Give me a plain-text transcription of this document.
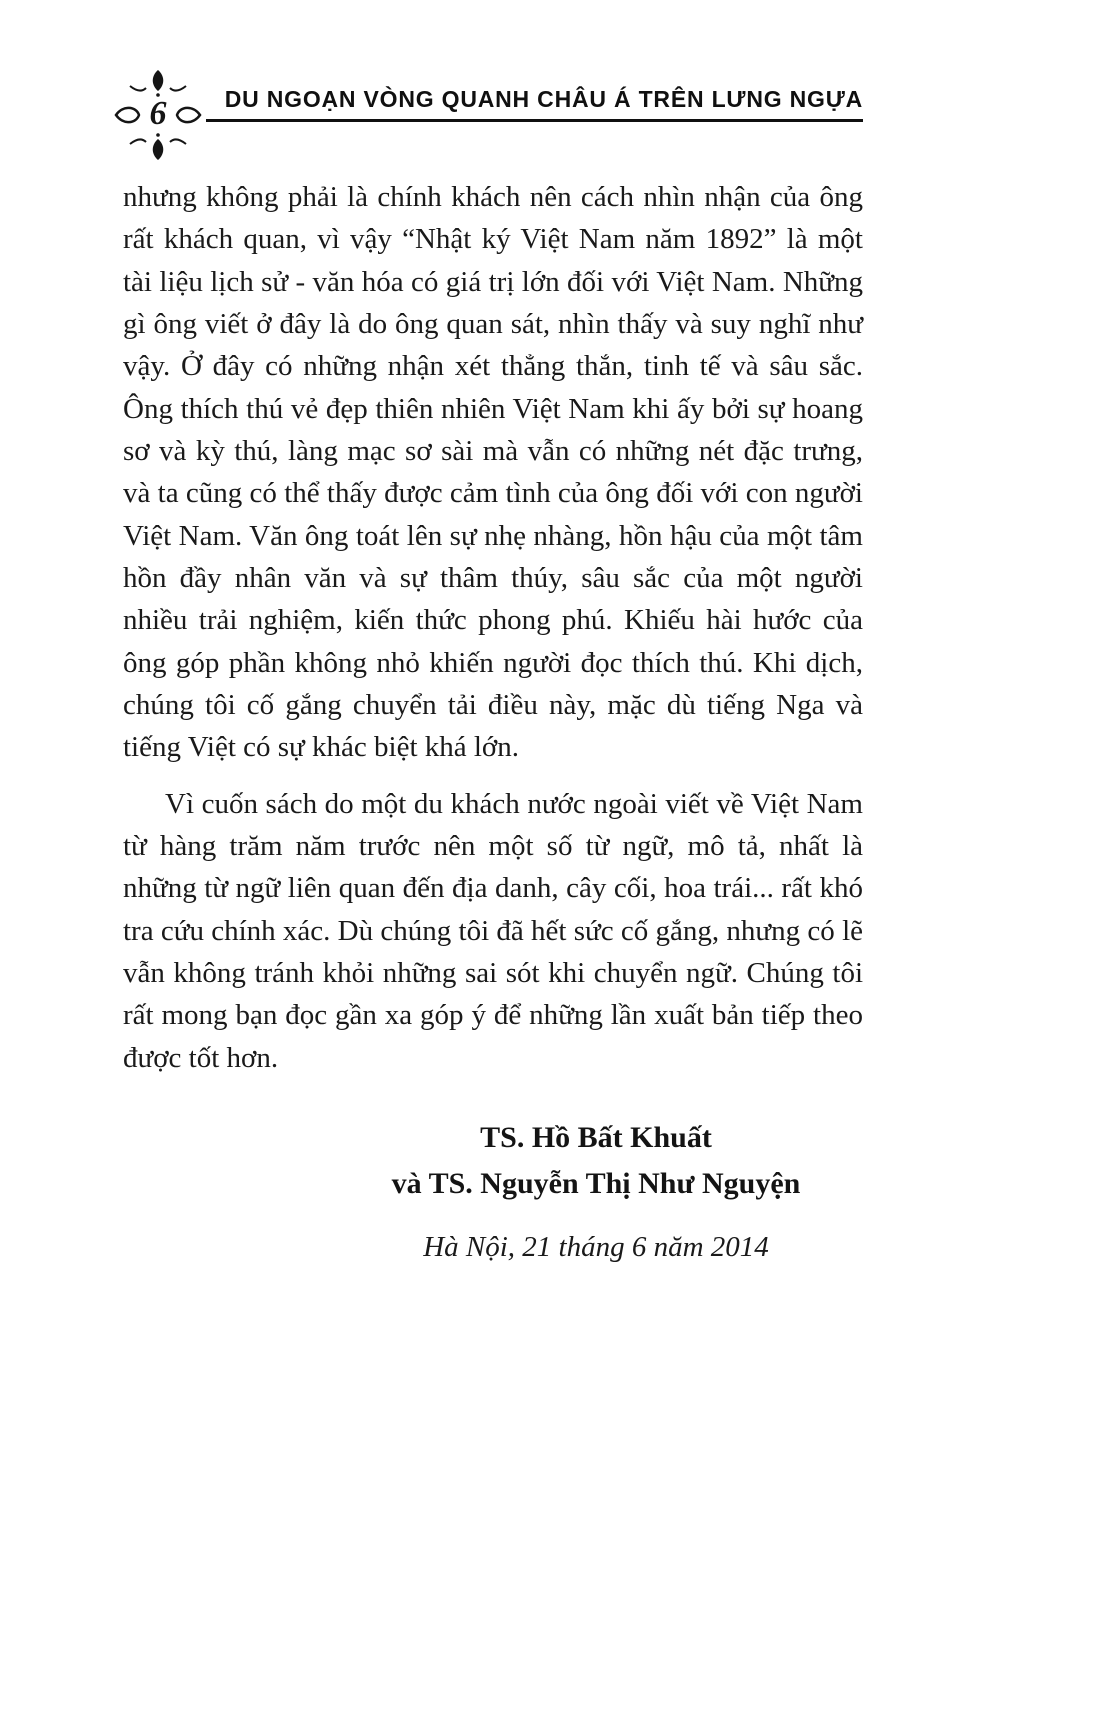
6	DU NGOẠN VÒNG QUANH CHÂU Á TRÊN LƯNG NGỰA

nhưng không phải là chính khách nên cách nhìn nhận của ông rất khách quan, vì vậy “Nhật ký Việt Nam năm 1892” là một tài liệu lịch sử - văn hóa có giá trị lớn đối với Việt Nam. Những gì ông viết ở đây là do ông quan sát, nhìn thấy và suy nghĩ như vậy. Ở đây có những nhận xét thẳng thắn, tinh tế và sâu sắc. Ông thích thú vẻ đẹp thiên nhiên Việt Nam khi ấy bởi sự hoang sơ và kỳ thú, làng mạc sơ sài mà vẫn có những nét đặc trưng, và ta cũng có thể thấy được cảm tình của ông đối với con người Việt Nam. Văn ông toát lên sự nhẹ nhàng, hồn hậu của một tâm hồn đầy nhân văn và sự thâm thúy, sâu sắc của một người nhiều trải nghiệm, kiến thức phong phú. Khiếu hài hước của ông góp phần không nhỏ khiến người đọc thích thú. Khi dịch, chúng tôi cố gắng chuyển tải điều này, mặc dù tiếng Nga và tiếng Việt có sự khác biệt khá lớn.

Vì cuốn sách do một du khách nước ngoài viết về Việt Nam từ hàng trăm năm trước nên một số từ ngữ, mô tả, nhất là những từ ngữ liên quan đến địa danh, cây cối, hoa trái... rất khó tra cứu chính xác. Dù chúng tôi đã hết sức cố gắng, nhưng có lẽ vẫn không tránh khỏi những sai sót khi chuyển ngữ. Chúng tôi rất mong bạn đọc gần xa góp ý để những lần xuất bản tiếp theo được tốt hơn.

TS. Hồ Bất Khuất
và TS. Nguyễn Thị Như Nguyện
Hà Nội, 21 tháng 6 năm 2014
